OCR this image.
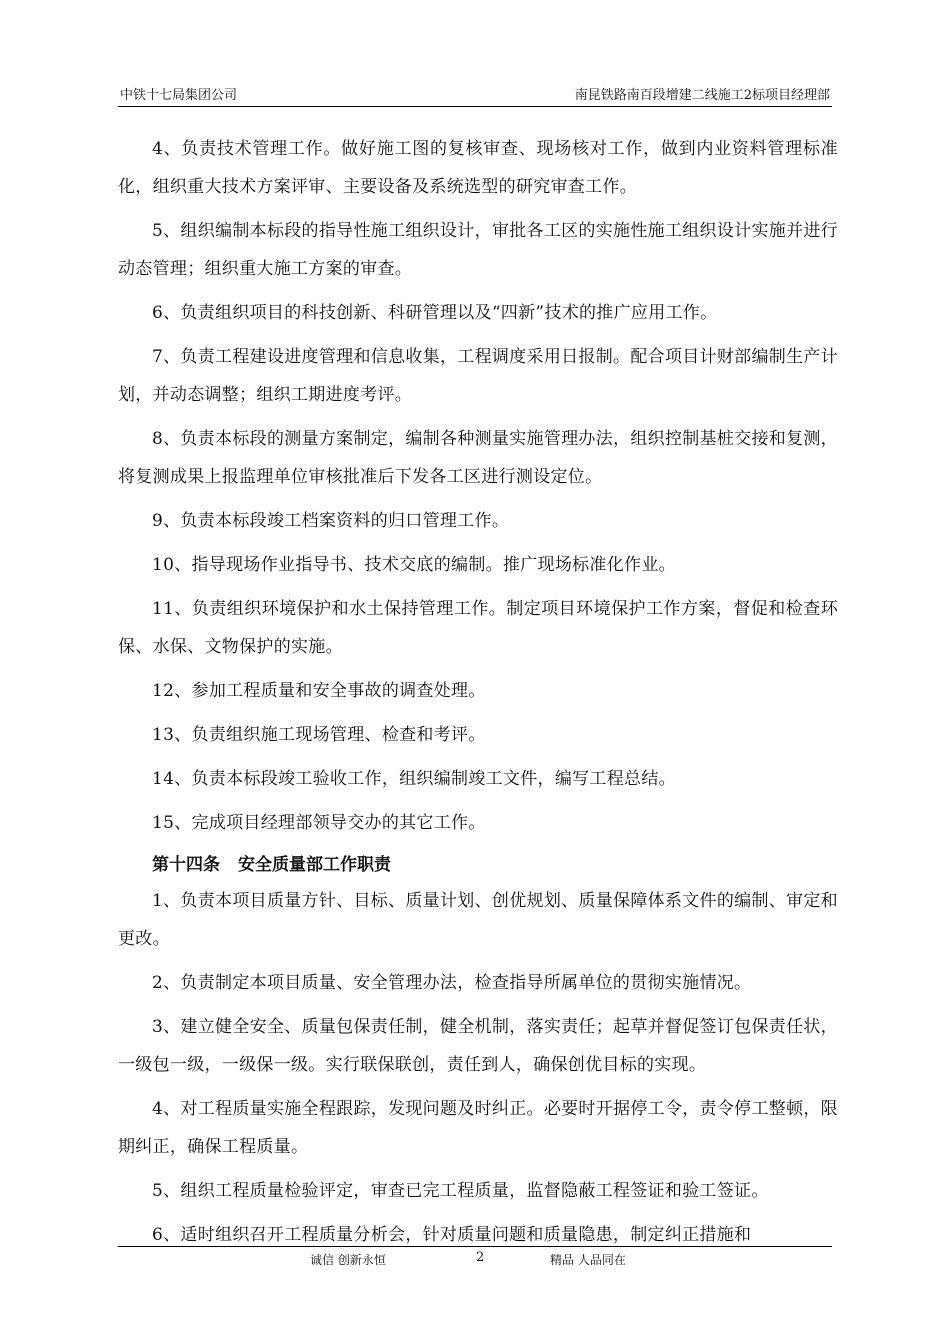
中铁十七局集团公司	南昆铁路南百段增建二线施工2标项目经理部

4、负责技术管理工作。做好施工图的复核审查、现场核对工作，做到内业资料管理标准化，组织重大技术方案评审、主要设备及系统选型的研究审查工作。

5、组织编制本标段的指导性施工组织设计，审批各工区的实施性施工组织设计实施并进行动态管理；组织重大施工方案的审查。

6、负责组织项目的科技创新、科研管理以及“四新”技术的推广应用工作。

7、负责工程建设进度管理和信息收集，工程调度采用日报制。配合项目计财部编制生产计划，并动态调整；组织工期进度考评。

8、负责本标段的测量方案制定，编制各种测量实施管理办法，组织控制基桩交接和复测，将复测成果上报监理单位审核批准后下发各工区进行测设定位。

9、负责本标段竣工档案资料的归口管理工作。

10、指导现场作业指导书、技术交底的编制。推广现场标准化作业。

11、负责组织环境保护和水土保持管理工作。制定项目环境保护工作方案，督促和检查环保、水保、文物保护的实施。

12、参加工程质量和安全事故的调查处理。

13、负责组织施工现场管理、检查和考评。

14、负责本标段竣工验收工作，组织编制竣工文件，编写工程总结。

15、完成项目经理部领导交办的其它工作。

第十四条 安全质量部工作职责

1、负责本项目质量方针、目标、质量计划、创优规划、质量保障体系文件的编制、审定和更改。

2、负责制定本项目质量、安全管理办法，检查指导所属单位的贯彻实施情况。

3、建立健全安全、质量包保责任制，健全机制，落实责任；起草并督促签订包保责任状，一级包一级，一级保一级。实行联保联创，责任到人，确保创优目标的实现。

4、对工程质量实施全程跟踪，发现问题及时纠正。必要时开据停工令，责令停工整顿，限期纠正，确保工程质量。

5、组织工程质量检验评定，审查已完工程质量，监督隐蔽工程签证和验工签证。

6、适时组织召开工程质量分析会，针对质量问题和质量隐患，制定纠正措施和

诚信 创新永恒	2	精品 人品同在
